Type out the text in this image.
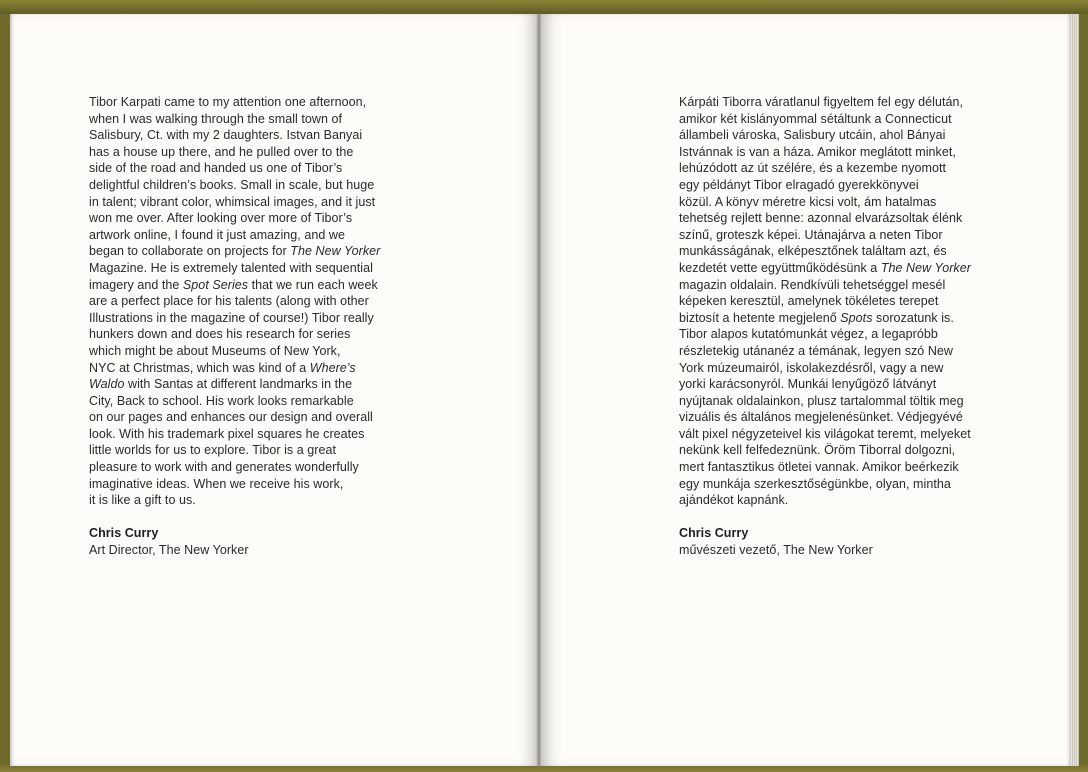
Tibor Karpati came to my attention one afternoon,
when I was walking through the small town of
Salisbury, Ct. with my 2 daughters. Istvan Banyai
has a house up there, and he pulled over to the
side of the road and handed us one of Tibor’s
delightful children’s books. Small in scale, but huge
in talent; vibrant color, whimsical images, and it just
won me over. After looking over more of Tibor’s
artwork online, I found it just amazing, and we
began to collaborate on projects for The New Yorker
Magazine. He is extremely talented with sequential
imagery and the Spot Series that we run each week
are a perfect place for his talents (along with other
Illustrations in the magazine of course!) Tibor really
hunkers down and does his research for series
which might be about Museums of New York,
NYC at Christmas, which was kind of a Where’s
Waldo with Santas at different landmarks in the
City, Back to school. His work looks remarkable
on our pages and enhances our design and overall
look. With his trademark pixel squares he creates
little worlds for us to explore. Tibor is a great
pleasure to work with and generates wonderfully
imaginative ideas. When we receive his work,
it is like a gift to us.
Chris Curry
Art Director, The New Yorker
Kárpáti Tiborra váratlanul figyeltem fel egy délután,
amikor két kislányommal sétáltunk a Connecticut
állambeli városka, Salisbury utcáin, ahol Bányai
Istvánnak is van a háza. Amikor meglátott minket,
lehúzódott az út szélére, és a kezembe nyomott
egy példányt Tibor elragadó gyerekkönyvei
közül. A könyv méretre kicsi volt, ám hatalmas
tehetség rejlett benne: azonnal elvarázsoltak élénk
színű, groteszk képei. Utánajárva a neten Tibor
munkásságának, elképesztőnek találtam azt, és
kezdetét vette együttműködésünk a The New Yorker
magazin oldalain. Rendkívüli tehetséggel mesél
képeken keresztül, amelynek tökéletes terepet
biztosít a hetente megjelenő Spots sorozatunk is.
Tibor alapos kutatómunkát végez, a legapróbb
részletekig utánanéz a témának, legyen szó New
York múzeumairól, iskolakezdésről, vagy a new
yorki karácsonyról. Munkái lenyűgöző látványt
nyújtanak oldalainkon, plusz tartalommal töltik meg
vizuális és általános megjelenésünket. Védjegyévé
vált pixel négyzeteivel kis világokat teremt, melyeket
nekünk kell felfedeznünk. Öröm Tiborral dolgozni,
mert fantasztikus ötletei vannak. Amikor beérkezik
egy munkája szerkesztőségünkbe, olyan, mintha
ajándékot kapnánk.
Chris Curry
művészeti vezető, The New Yorker
